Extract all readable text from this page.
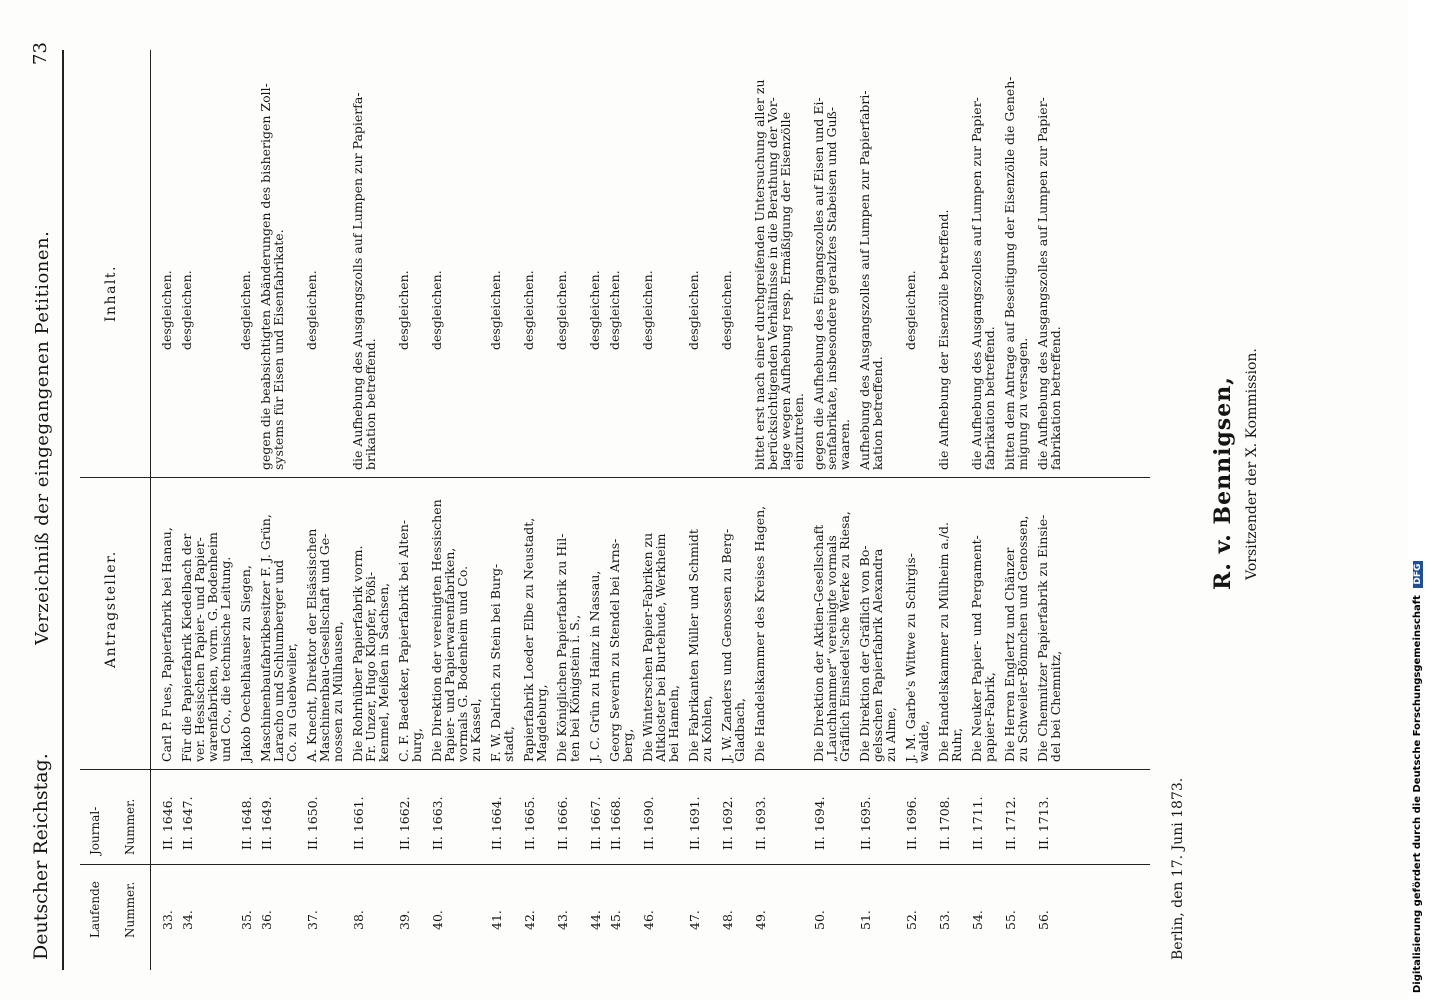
Deutscher Reichstag.
Verzeichniß der eingegangenen Petitionen.
73
Laufende Nummer.
Journal- Nummer.
Antragsteller.
Inhalt.
33.
II. 1646.
Carl P. Fues, Papierfabrik bei Hanau,
desgleichen.
34.
II. 1647.
Für die Papierfabrik Kiedelbach der
ver. Hessischen Papier- und Papier-
warenfabriken, vorm. G. Bodenheim
und Co., die technische Leitung.
desgleichen.
35.
II. 1648.
Jakob Oechelhäuser zu Siegen,
desgleichen.
36.
II. 1649.
Maschinenbaufabrikbesitzer F. J. Grün,
Laracho und Schlumberger und
Co. zu Guebweiler,
gegen die beabsichtigten Abänderungen des bisherigen Zoll-
systems für Eisen und Eisenfabrikate.
37.
II. 1650.
A. Knecht, Direktor der Elsässischen
Maschinenbau-Gesellschaft und Ge-
nossen zu Mülhausen,
desgleichen.
38.
II. 1661.
Die Rohrhüber Papierfabrik vorm.
Fr. Unzer, Hugo Klopfer, Pößi-
kenmel, Meißen in Sachsen,
die Aufhebung des Ausgangszolls auf Lumpen zur Papierfa-
brikation betreffend.
39.
II. 1662.
C. F. Baedeker, Papierfabrik bei Alten-
burg,
desgleichen.
40.
II. 1663.
Die Direktion der vereinigten Hessischen
Papier- und Papierwarenfabriken,
vormals G. Bodenheim und Co.
zu Kassel,
desgleichen.
41.
II. 1664.
F. W. Dalrich zu Stein bei Burg-
stadt,
desgleichen.
42.
II. 1665.
Papierfabrik Loeder Elbe zu Neustadt,
Magdeburg,
desgleichen.
43.
II. 1666.
Die Königlichen Papierfabrik zu Hil-
ten bei Königstein i. S.,
desgleichen.
44.
II. 1667.
J. C. Grün zu Hainz in Nassau,
desgleichen.
45.
II. 1668.
Georg Severin zu Stendel bei Arns-
berg,
desgleichen.
46.
II. 1690.
Die Winterschen Papier-Fabriken zu
Altkloster bei Burtehude, Werkheim
bei Hameln,
desgleichen.
47.
II. 1691.
Die Fabrikanten Müller und Schmidt
zu Kohlen,
desgleichen.
48.
II. 1692.
J. W. Zanders und Genossen zu Berg-
Gladbach,
desgleichen.
49.
II. 1693.
Die Handelskammer des Kreises Hagen,
bittet erst nach einer durchgreifenden Untersuchung aller zu
berücksichtigenden Verhältnisse in die Berathung der Vor-
lage wegen Aufhebung resp. Ermäßigung der Eisenzölle
einzutreten.
50.
II. 1694.
Die Direktion der Aktien-Gesellschaft
„Lauchhammer“ vereinigte vormals
Gräflich Einsiedel'sche Werke zu Riesa,
gegen die Aufhebung des Eingangszolles auf Eisen und Ei-
senfabrikate, insbesondere geralztes Stabeisen und Guß-
waaren.
51.
II. 1695.
Die Direktion der Gräflich von Bo-
gelsschen Papierfabrik Alexandra
zu Alme,
Aufhebung des Ausgangszolles auf Lumpen zur Papierfabri-
kation betreffend.
52.
II. 1696.
J. M. Garbe's Wittwe zu Schirgis-
walde,
desgleichen.
53.
II. 1708.
Die Handelskammer zu Mülheim a./d.
Ruhr,
die Aufhebung der Eisenzölle betreffend.
54.
II. 1711.
Die Neuker Papier- und Pergament-
papier-Fabrik,
die Aufhebung des Ausgangszolles auf Lumpen zur Papier-
fabrikation betreffend.
55.
II. 1712.
Die Herren Englertz und Chänzer
zu Schweiler-Bönnchen und Genossen,
bitten dem Antrage auf Beseitigung der Eisenzölle die Geneh-
migung zu versagen.
56.
II. 1713.
Die Chemnitzer Papierfabrik zu Einsie-
del bei Chemnitz,
die Aufhebung des Ausgangszolles auf Lumpen zur Papier-
fabrikation betreffend.
Berlin, den 17. Juni 1873.
R. v. Bennigsen, Vorsitzender der X. Kommission.
Digitalisierung gefördert durch die Deutsche Forschungsgemeinschaft DFG
